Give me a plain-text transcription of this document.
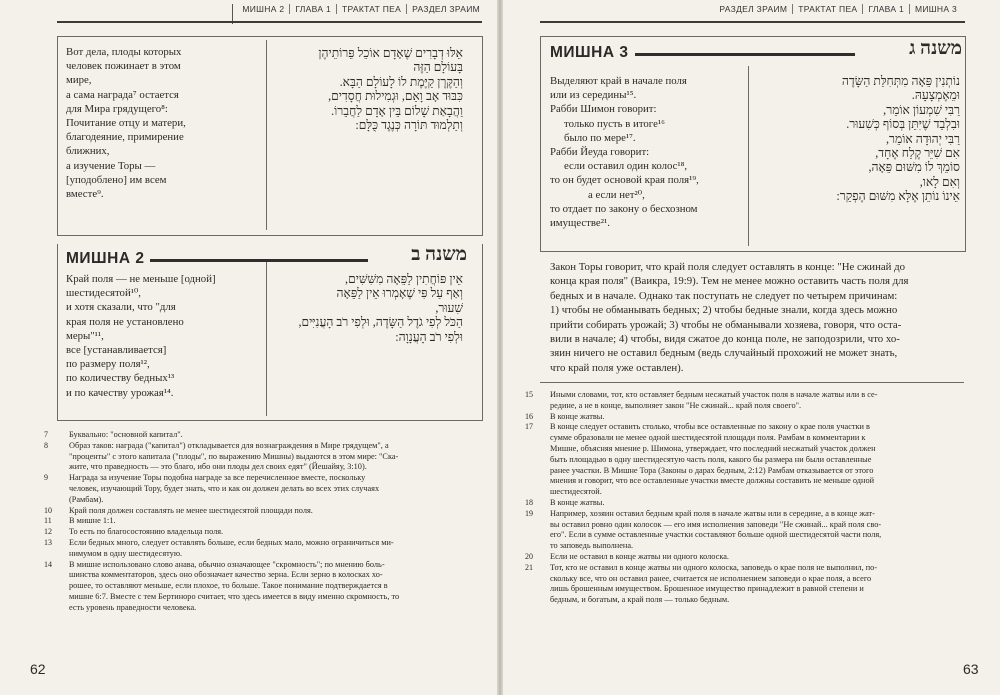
МИШНА 2 ГЛАВА 1 ТРАКТАТ ПЕА РАЗДЕЛ ЗРАИМ
Вот дела, плоды которых
человек пожинает в этом
мире,
а сама награда⁷ остается
для Мира грядущего⁸:
Почитание отцу и матери,
благодеяние, примирение
ближних,
а изучение Торы —
[уподоблено] им всем
вместе⁹.
אֵלּוּ דְבָרִים שֶׁאָדָם אוֹכֵל פֵּרוֹתֵיהֶן
בָּעוֹלָם הַזֶּה
וְהַקֶּרֶן קַיֶּמֶת לוֹ לָעוֹלָם הַבָּא.
כִּבּוּד אָב וָאֵם, וּגְמִילוּת חֲסָדִים,
וַהֲבָאַת שָׁלוֹם בֵּין אָדָם לַחֲבֵרוֹ.
וְתַלְמוּד תּוֹרָה כְּנֶגֶד כֻּלָּם:
МИШНА 2	משנה ב
Край поля — не меньше [одной]
шестидесятой¹⁰,
и хотя сказали, что "для
края поля не установлено
меры"¹¹,
все [устанавливается]
по размеру поля¹²,
по количеству бедных¹³
и по качеству урожая¹⁴.
אֵין פּוֹחֲתִין לַפֵּאָה מִשִּׁשִּׁים,
וְאַף עַל פִּי שֶׁאָמְרוּ אֵין לַפֵּאָה
שִׁעוּר,
הַכֹּל לְפִי גֹדֶל הַשָּׂדֶה, וּלְפִי רֹב הָעֲנִיִּים,
וּלְפִי רֹב הָעֲנָוָה:
7	Буквально: "основной капитал".
8	Образ таков: награда ("капитал") откладывается для вознаграждения в Мире грядущем", а
"проценты" с этого капитала ("плоды", по выражению Мишны) выдаются в этом мире: "Ска-
жите, что праведность — это благо, ибо они плоды дел своих едят" (Йешайяу, 3:10).
9	Награда за изучение Торы подобна награде за все перечисленное вместе, поскольку
человек, изучающий Тору, будет знать, что и как он должен делать во всех этих случаях
(Рамбам).
10 Край поля должен составлять не менее шестидесятой площади поля.
11 В мишне 1:1.
12 То есть по благосостоянию владельца поля.
13 Если бедных много, следует оставлять больше, если бедных мало, можно ограничиться ми-
нимумом в одну шестидесятую.
14 В мишне использовано слово анава, обычно означающее "скромность"; по мнению боль-
шинства комментаторов, здесь оно обозначает качество зерна. Если зерно в колосках хо-
рошее, то оставляют меньше, если плохое, то больше. Такое понимание подтверждается в
мишне 6:7. Вместе с тем Бертиноро считает, что здесь имеется в виду именно скромность, то
есть уровень праведности человека.
62
РАЗДЕЛ ЗРАИМ ТРАКТАТ ПЕА ГЛАВА 1 МИШНА 3
МИШНА 3	משנה ג
Выделяют край в начале поля
или из середины¹⁵.
Рабби Шимон говорит:
только пусть в итоге¹⁶
было по мере¹⁷.
Рабби Йеуда говорит:
если оставил один колос¹⁸,
то он будет основой края поля¹⁹,
а если нет²⁰,
то отдает по закону о бесхозном
имуществе²¹.
נוֹתְנִין פֵּאָה מִתְּחִלַּת הַשָּׂדֶה
וּמֵאֶמְצָעָהּ.
רַבִּי שִׁמְעוֹן אוֹמֵר,
וּבִלְבַד שֶׁיִּתֵּן בְּסוֹף כְּשִׁעוּר.
רַבִּי יְהוּדָה אוֹמֵר,
אִם שִׁיֵּר קֶלַח אֶחָד,
סוֹמֵךְ לוֹ מִשּׁוּם פֵּאָה,
וְאִם לָאו,
אֵינוֹ נוֹתֵן אֶלָּא מִשּׁוּם הֶפְקֵר:
Закон Торы говорит, что край поля следует оставлять в конце: "Не сжинай до
конца края поля" (Ваикра, 19:9). Тем не менее можно оставить часть поля для
бедных и в начале. Однако так поступать не следует по четырем причинам:
1) чтобы не обманывать бедных; 2) чтобы бедные знали, когда здесь можно
прийти собирать урожай; 3) чтобы не обманывали хозяева, говоря, что оста-
вили в начале; 4) чтобы, видя сжатое до конца поле, не заподозрили, что хо-
зяин ничего не оставил бедным (ведь случайный прохожий не может знать,
что край поля уже оставлен).
15 Иными словами, тот, кто оставляет бедным несжатый участок поля в начале жатвы или в се-
редине, а не в конце, выполняет закон "Не сжинай... край поля своего".
16 В конце жатвы.
17 В конце следует оставить столько, чтобы все оставленные по закону о крае поля участки в
сумме образовали не менее одной шестидесятой площади поля. Рамбам в комментарии к
Мишне, объясняя мнение р. Шимона, утверждает, что последний несжатый участок должен
быть площадью в одну шестидесятую часть поля, какого бы размера ни были оставленные
ранее участки. В Мишне Тора (Законы о дарах бедным, 2:12) Рамбам отказывается от этого
мнения и говорит, что все оставленные участки вместе должны составить не меньше одной
шестидесятой.
18 В конце жатвы.
19 Например, хозяин оставил бедным край поля в начале жатвы или в середине, а в конце жат-
вы оставил ровно один колосок — его имя исполнения заповеди "Не сжинай... край поля сво-
его". Если в сумме оставленные участки составляют больше одной шестидесятой части поля,
то заповедь выполнена.
20 Если не оставил в конце жатвы ни одного колоска.
21 Тот, кто не оставил в конце жатвы ни одного колоска, заповедь о крае поля не выполнил, по-
скольку все, что он оставил ранее, считается не исполнением заповеди о крае поля, а всего
лишь брошенным имуществом. Брошенное имущество принадлежит в равной степени и
бедным, и богатым, а край поля — только бедным.
63
